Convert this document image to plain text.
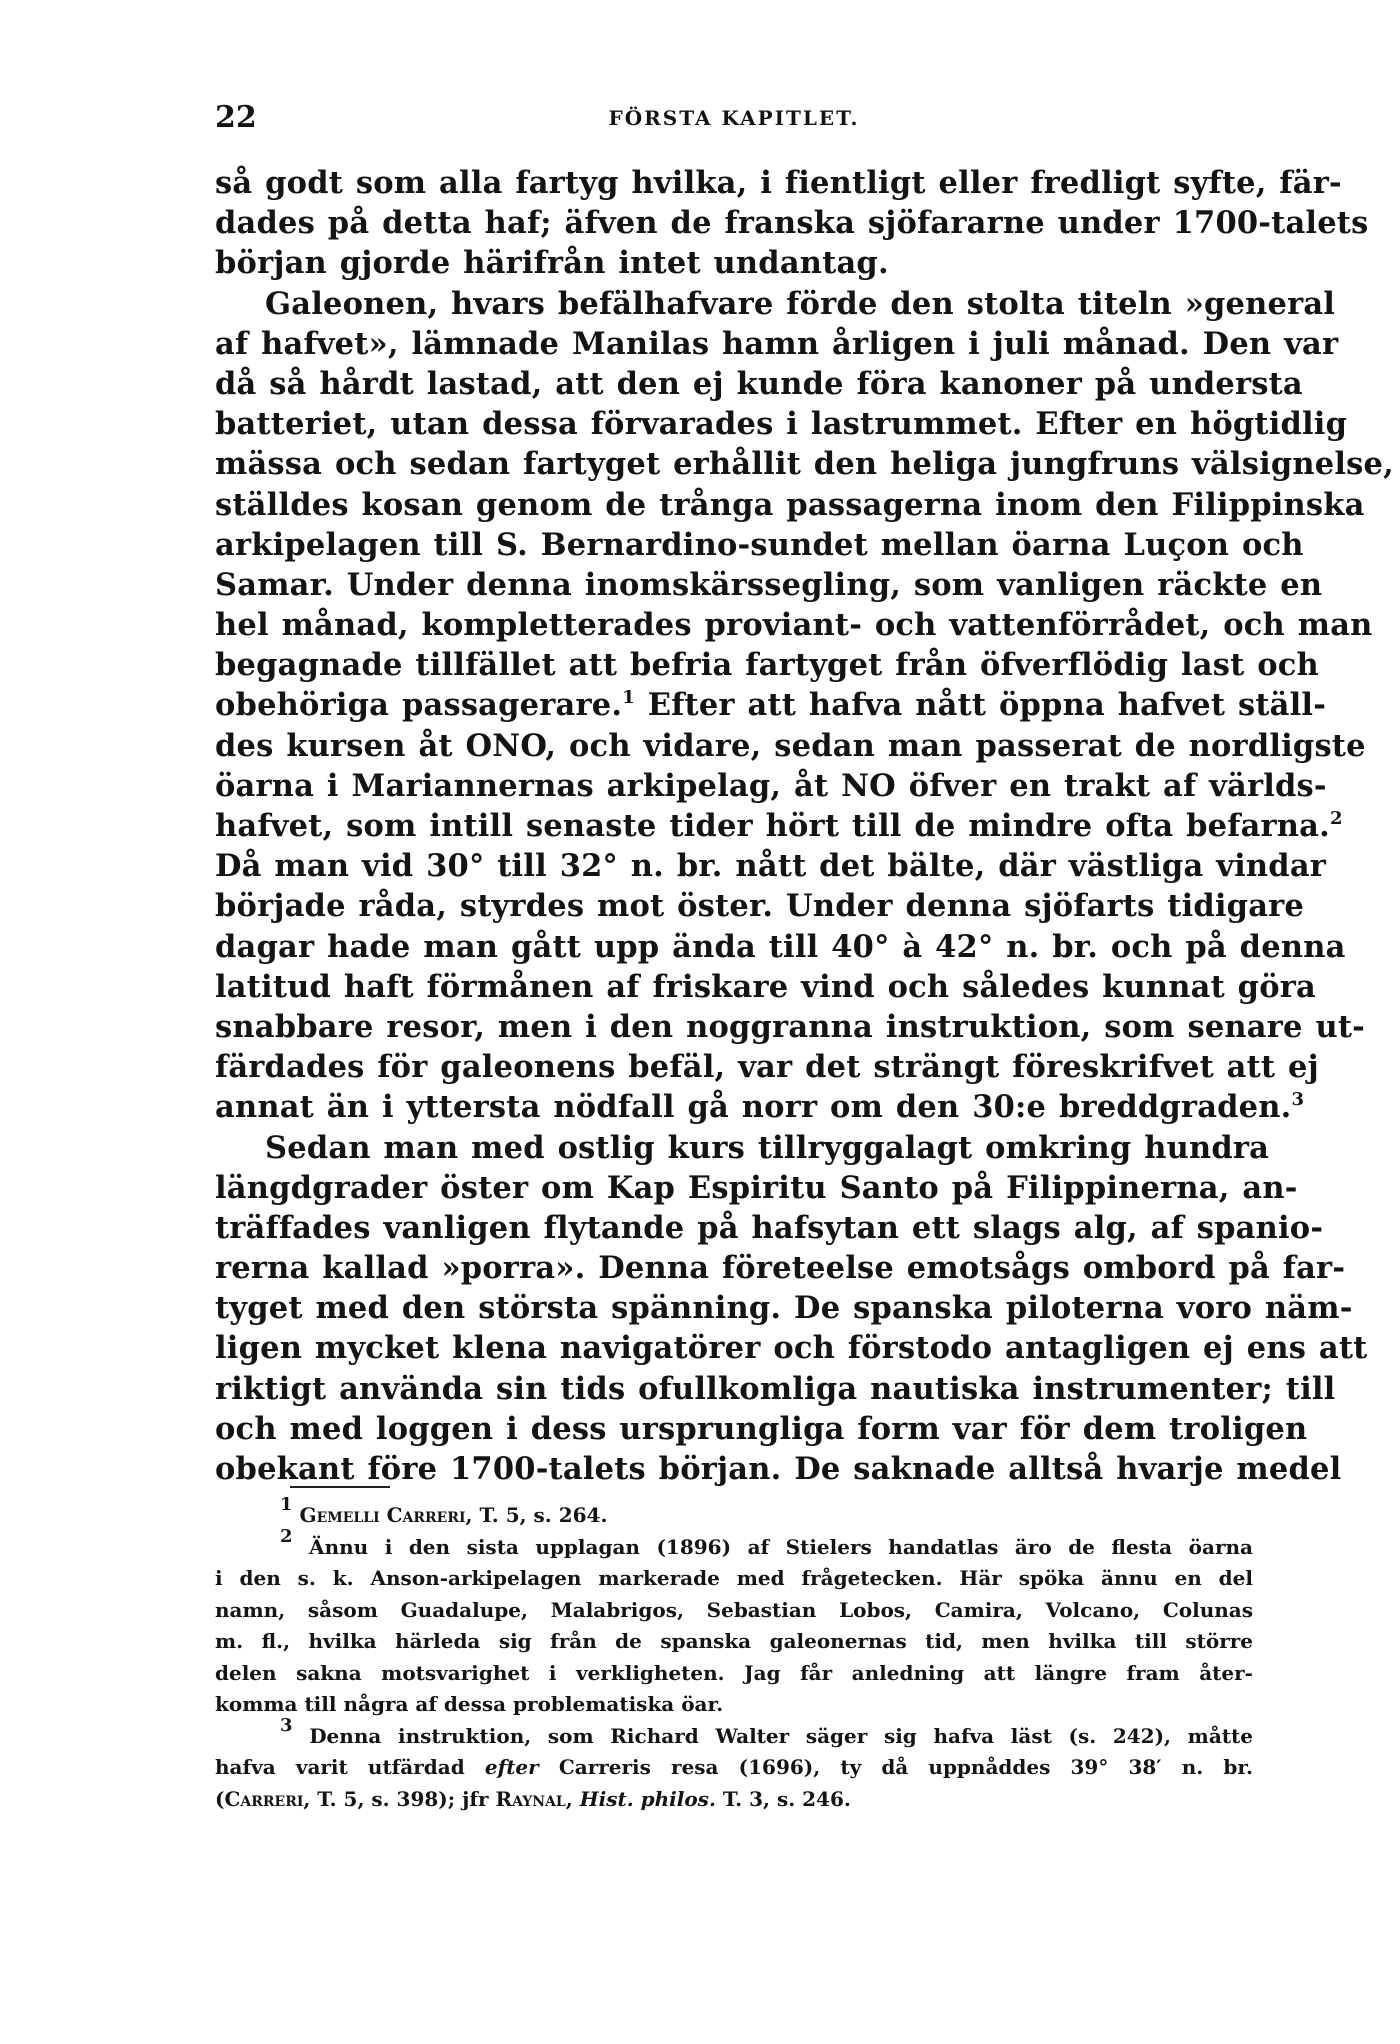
22	FÖRSTA KAPITLET.
så godt som alla fartyg hvilka, i fientligt eller fredligt syfte, fär-
dades på detta haf; äfven de franska sjöfararne under 1700-talets
början gjorde härifrån intet undantag.
Galeonen, hvars befälhafvare förde den stolta titeln »general
af hafvet», lämnade Manilas hamn årligen i juli månad. Den var
då så hårdt lastad, att den ej kunde föra kanoner på understa
batteriet, utan dessa förvarades i lastrummet. Efter en högtidlig
mässa och sedan fartyget erhållit den heliga jungfruns välsignelse,
ställdes kosan genom de trånga passagerna inom den Filippinska
arkipelagen till S. Bernardino-sundet mellan öarna Luçon och
Samar. Under denna inomskärssegling, som vanligen räckte en
hel månad, kompletterades proviant- och vattenförrådet, och man
begagnade tillfället att befria fartyget från öfverflödig last och
obehöriga passagerare.$^1$ Efter att hafva nått öppna hafvet ställ-
des kursen åt ONO, och vidare, sedan man passerat de nordligste
öarna i Mariannernas arkipelag, åt NO öfver en trakt af världs-
hafvet, som intill senaste tider hört till de mindre ofta befarna.$^2$
Då man vid 30° till 32° n. br. nått det bälte, där västliga vindar
började råda, styrdes mot öster. Under denna sjöfarts tidigare
dagar hade man gått upp ända till 40° à 42° n. br. och på denna
latitud haft förmånen af friskare vind och således kunnat göra
snabbare resor, men i den noggranna instruktion, som senare ut-
färdades för galeonens befäl, var det strängt föreskrifvet att ej
annat än i yttersta nödfall gå norr om den 30:e breddgraden.$^3$
Sedan man med ostlig kurs tillryggalagt omkring hundra
längdgrader öster om Kap Espiritu Santo på Filippinerna, an-
träffades vanligen flytande på hafsytan ett slags alg, af spanio-
rerna kallad »porra». Denna företeelse emotsågs ombord på far-
tyget med den största spänning. De spanska piloterna voro näm-
ligen mycket klena navigatörer och förstodo antagligen ej ens att
riktigt använda sin tids ofullkomliga nautiska instrumenter; till
och med loggen i dess ursprungliga form var för dem troligen
obekant före 1700-talets början. De saknade alltså hvarje medel
$^1$ Gemelli Carreri, T. 5, s. 264.
$^2$ Ännu i den sista upplagan (1896) af Stielers handatlas äro de flesta öarna
i den s. k. Anson-arkipelagen markerade med frågetecken. Här spöka ännu en del
namn, såsom Guadalupe, Malabrigos, Sebastian Lobos, Camira, Volcano, Colunas
m. fl., hvilka härleda sig från de spanska galeonernas tid, men hvilka till större
delen sakna motsvarighet i verkligheten. Jag får anledning att längre fram åter-
komma till några af dessa problematiska öar.
$^3$ Denna instruktion, som Richard Walter säger sig hafva läst (s. 242), måtte
hafva varit utfärdad efter Carreris resa (1696), ty då uppnåddes 39° 38′ n. br.
(Carreri, T. 5, s. 398); jfr Raynal, Hist. philos. T. 3, s. 246.
